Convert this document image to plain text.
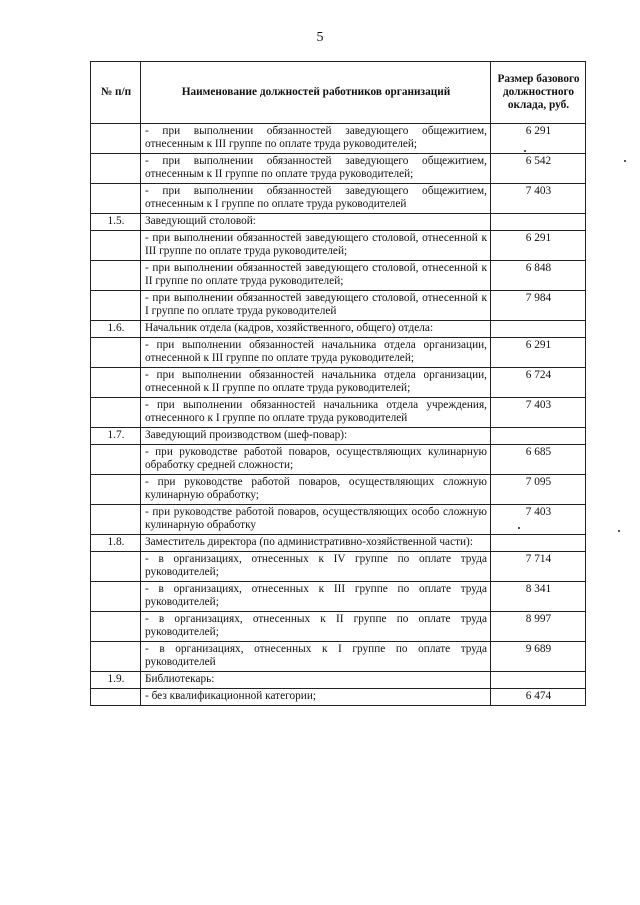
5
№ п/п	Наименование должностей работников организаций	Размер базового должностного оклада, руб.
	- при выполнении обязанностей заведующего общежитием, отнесенным к III группе по оплате труда руководителей;	6 291
	- при выполнении обязанностей заведующего общежитием, отнесенным к II группе по оплате труда руководителей;	6 542
	- при выполнении обязанностей заведующего общежитием, отнесенным к I группе по оплате труда руководителей	7 403
1.5.	Заведующий столовой:	
	- при выполнении обязанностей заведующего столовой, отнесенной к III группе по оплате труда руководителей;	6 291
	- при выполнении обязанностей заведующего столовой, отнесенной к II группе по оплате труда руководителей;	6 848
	- при выполнении обязанностей заведующего столовой, отнесенной к I группе по оплате труда руководителей	7 984
1.6.	Начальник отдела (кадров, хозяйственного, общего) отдела:	
	- при выполнении обязанностей начальника отдела организации, отнесенной к III группе по оплате труда руководителей;	6 291
	- при выполнении обязанностей начальника отдела организации, отнесенной к II группе по оплате труда руководителей;	6 724
	- при выполнении обязанностей начальника отдела учреждения, отнесенного к I группе по оплате труда руководителей	7 403
1.7.	Заведующий производством (шеф-повар):	
	- при руководстве работой поваров, осуществляющих кулинарную обработку средней сложности;	6 685
	- при руководстве работой поваров, осуществляющих сложную кулинарную обработку;	7 095
	- при руководстве работой поваров, осуществляющих особо сложную кулинарную обработку	7 403
1.8.	Заместитель директора (по административно-хозяйственной части):	
	- в организациях, отнесенных к IV группе по оплате труда руководителей;	7 714
	- в организациях, отнесенных к III группе по оплате труда руководителей;	8 341
	- в организациях, отнесенных к II группе по оплате труда руководителей;	8 997
	- в организациях, отнесенных к I группе по оплате труда руководителей	9 689
1.9.	Библиотекарь:	
	- без квалификационной категории;	6 474
